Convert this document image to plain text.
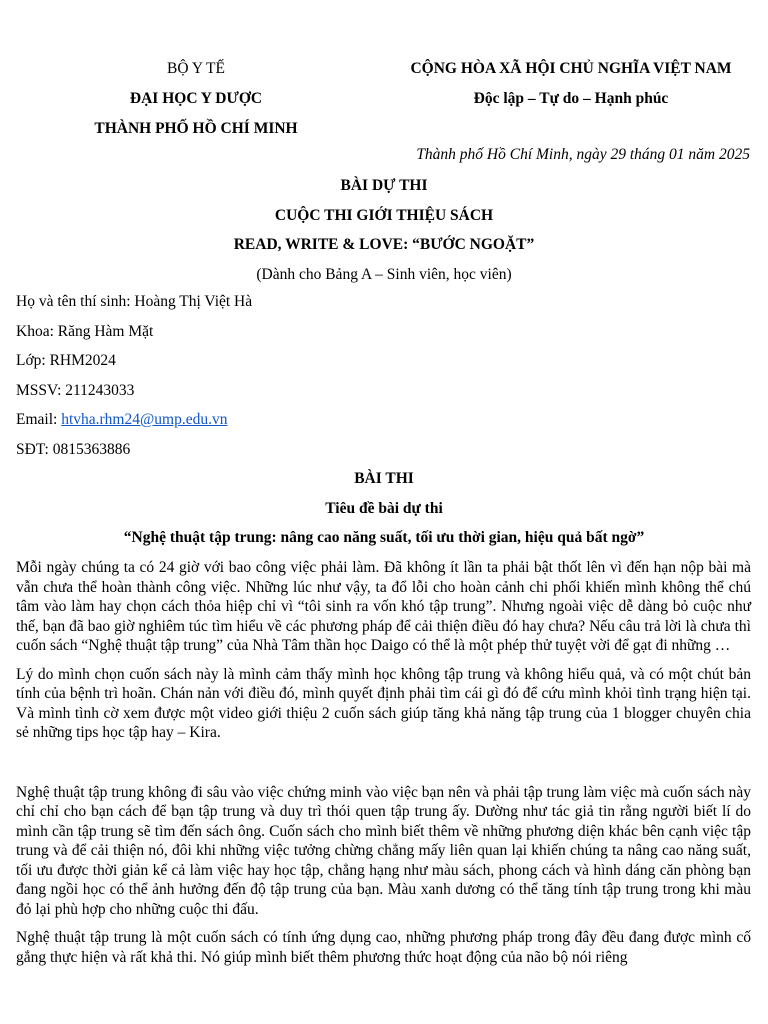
BỘ Y TẾ
ĐẠI HỌC Y DƯỢC
THÀNH PHỐ HỒ CHÍ MINH
CỘNG HÒA XÃ HỘI CHỦ NGHĨA VIỆT NAM
Độc lập – Tự do – Hạnh phúc
Thành phố Hồ Chí Minh, ngày 29 tháng 01 năm 2025
BÀI DỰ THI
CUỘC THI GIỚI THIỆU SÁCH
READ, WRITE & LOVE: “BƯỚC NGOẶT”
(Dành cho Bảng A – Sinh viên, học viên)
Họ và tên thí sinh: Hoàng Thị Việt Hà
Khoa: Răng Hàm Mặt
Lớp: RHM2024
MSSV: 211243033
Email: htvha.rhm24@ump.edu.vn
SĐT: 0815363886
BÀI THI
Tiêu đề bài dự thi
“Nghệ thuật tập trung: nâng cao năng suất, tối ưu thời gian, hiệu quả bất ngờ”

Mỗi ngày chúng ta có 24 giờ với bao công việc phải làm. Đã không ít lần ta phải bật thốt lên vì đến hạn nộp bài mà vẫn chưa thể hoàn thành công việc. Những lúc như vậy, ta đổ lỗi cho hoàn cảnh chi phối khiến mình không thể chú tâm vào làm hay chọn cách thỏa hiệp chỉ vì “tôi sinh ra vốn khó tập trung”. Nhưng ngoài việc dễ dàng bỏ cuộc như thế, bạn đã bao giờ nghiêm túc tìm hiểu về các phương pháp để cải thiện điều đó hay chưa? Nếu câu trả lời là chưa thì cuốn sách “Nghệ thuật tập trung” của Nhà Tâm thần học Daigo có thể là một phép thử tuyệt vời để gạt đi những …

Lý do mình chọn cuốn sách này là mình cảm thấy mình học không tập trung và không hiểu quả, và có một chút bản tính của bệnh trì hoãn. Chán nản với điều đó, mình quyết định phải tìm cái gì đó để cứu mình khỏi tình trạng hiện tại. Và mình tình cờ xem được một video giới thiệu 2 cuốn sách giúp tăng khả năng tập trung của 1 blogger chuyên chia sẻ những tips học tập hay – Kira.

Nghệ thuật tập trung không đi sâu vào việc chứng minh vào việc bạn nên và phải tập trung làm việc mà cuốn sách này chỉ chỉ cho bạn cách để bạn tập trung và duy trì thói quen tập trung ấy. Dường như tác giả tin rằng người biết lí do mình cần tập trung sẽ tìm đến sách ông. Cuốn sách cho mình biết thêm về những phương diện khác bên cạnh việc tập trung và để cải thiện nó, đôi khi những việc tưởng chừng chẳng mấy liên quan lại khiến chúng ta nâng cao năng suất, tối ưu được thời giản kể cả làm việc hay học tập, chẳng hạng như màu sách, phong cách và hình dáng căn phòng bạn đang ngồi học có thể ảnh hưởng đến độ tập trung của bạn. Màu xanh dương có thể tăng tính tập trung trong khi màu đỏ lại phù hợp cho những cuộc thi đấu.

Nghệ thuật tập trung là một cuốn sách có tính ứng dụng cao, những phương pháp trong đây đều đang được mình cố gắng thực hiện và rất khả thi. Nó giúp mình biết thêm phương thức hoạt động của não bộ nói riêng
